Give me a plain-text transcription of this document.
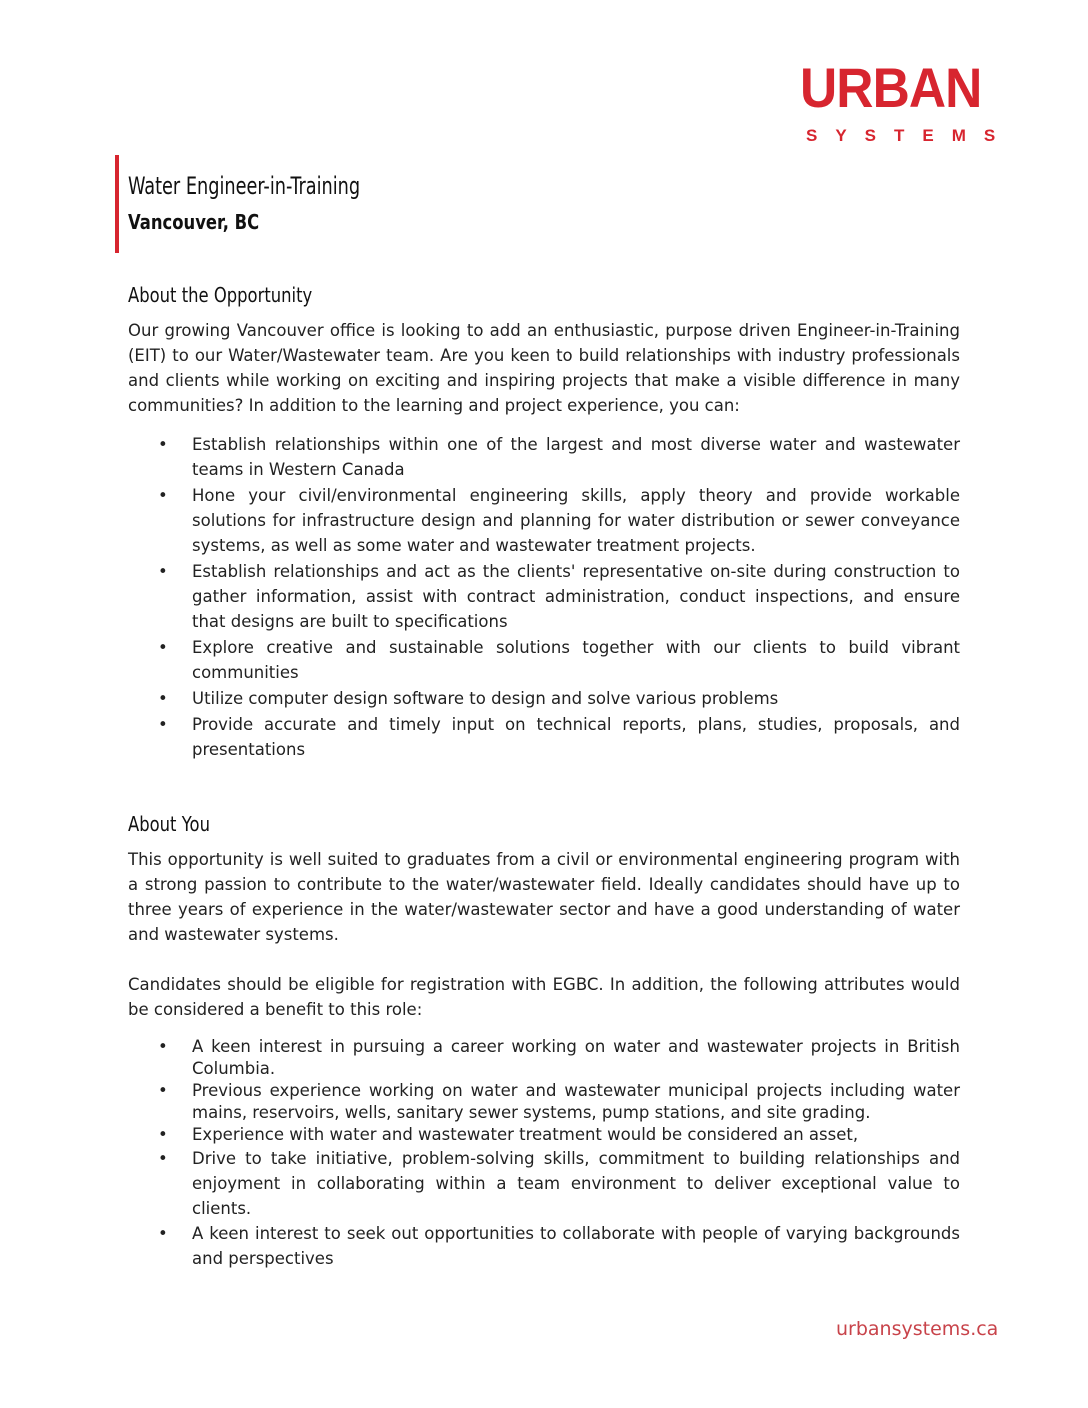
URBAN
SYSTEMS
Water Engineer-in-Training
Vancouver, BC
About the Opportunity

Our growing Vancouver office is looking to add an enthusiastic, purpose driven Engineer-in-Training (EIT) to our Water/Wastewater team. Are you keen to build relationships with industry professionals and clients while working on exciting and inspiring projects that make a visible difference in many communities? In addition to the learning and project experience, you can:

• Establish relationships within one of the largest and most diverse water and wastewater teams in Western Canada
• Hone your civil/environmental engineering skills, apply theory and provide workable solutions for infrastructure design and planning for water distribution or sewer conveyance systems, as well as some water and wastewater treatment projects.
• Establish relationships and act as the clients' representative on-site during construction to gather information, assist with contract administration, conduct inspections, and ensure that designs are built to specifications
• Explore creative and sustainable solutions together with our clients to build vibrant communities
• Utilize computer design software to design and solve various problems
• Provide accurate and timely input on technical reports, plans, studies, proposals, and presentations
About You

This opportunity is well suited to graduates from a civil or environmental engineering program with a strong passion to contribute to the water/wastewater field. Ideally candidates should have up to three years of experience in the water/wastewater sector and have a good understanding of water and wastewater systems.

Candidates should be eligible for registration with EGBC. In addition, the following attributes would be considered a benefit to this role:

• A keen interest in pursuing a career working on water and wastewater projects in British Columbia.
• Previous experience working on water and wastewater municipal projects including water mains, reservoirs, wells, sanitary sewer systems, pump stations, and site grading.
• Experience with water and wastewater treatment would be considered an asset,
• Drive to take initiative, problem-solving skills, commitment to building relationships and enjoyment in collaborating within a team environment to deliver exceptional value to clients.
• A keen interest to seek out opportunities to collaborate with people of varying backgrounds and perspectives
urbansystems.ca
